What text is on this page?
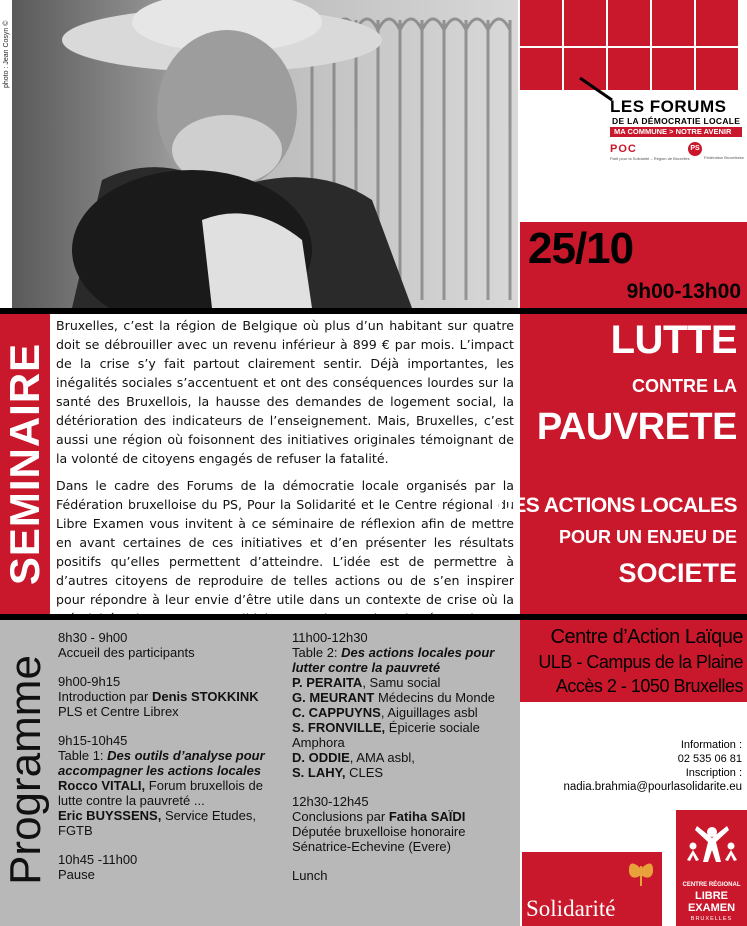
photo : Jean Cosyn ©
LES FORUMS
DE LA DÉMOCRATIE LOCALE
MA COMMUNE > NOTRE AVENIR
POC
Parti pour la Solidarité – Région de Bruxelles
PS
Fédération Bruxelloise
25/10
9h00-13h00
SEMINAIRE

Bruxelles, c’est la région de Belgique où plus d’un habitant sur quatre doit se débrouiller avec un revenu inférieur à 899 € par mois. L’impact de la crise s’y fait partout clairement sentir. Déjà importantes, les inégalités sociales s’accentuent et ont des conséquences lourdes sur la santé des Bruxellois, la hausse des demandes de logement social, la détérioration des indicateurs de l’enseignement. Mais, Bruxelles, c’est aussi une région où foisonnent des initiatives originales témoignant de la volonté de citoyens engagés de refuser la fatalité.

Dans le cadre des Forums de la démocratie locale organisés par la Fédération bruxelloise du PS, Pour la Solidarité et le Centre régional du Libre Examen vous invitent à ce séminaire de réflexion afin de mettre en avant certaines de ces initiatives et d’en présenter les résultats positifs qu’elles permettent d’atteindre. L’idée est de permettre à d’autres citoyens de reproduire de telles actions ou de s’en inspirer pour répondre à leur envie d’être utile dans un contexte de crise où la

LUTTE
CONTRE LA
PAUVRETE
DES ACTIONS LOCALES
POUR UN ENJEU DE
SOCIETE
Programme
8h30 - 9h00
Accueil des participants
9h00-9h15
Introduction par Denis STOKKINK
PLS et Centre Librex
9h15-10h45
Table 1: Des outils d’analyse pour accompagner les actions locales
Rocco VITALI, Forum bruxellois de lutte contre la pauvreté ...
Eric BUYSSENS, Service Etudes, FGTB
10h45 -11h00
Pause
11h00-12h30
Table 2: Des actions locales pour lutter contre la pauvreté
P. PERAITA, Samu social
G. MEURANT Médecins du Monde
C. CAPPUYNS, Aiguillages asbl
S. FRONVILLE, Épicerie sociale Amphora
D. ODDIE, AMA asbl,
S. LAHY, CLES
12h30-12h45
Conclusions par Fatiha SAÏDI
Députée bruxelloise honoraire
Sénatrice-Echevine (Evere)
Lunch
Centre d’Action Laïque
ULB - Campus de la Plaine
Accès 2 - 1050 Bruxelles
Information :
02 535 06 81
Inscription :
nadia.brahmia@pourlasolidarite.eu
Solidarité
CENTRE RÉGIONAL
LIBRE EXAMEN
BRUXELLES
